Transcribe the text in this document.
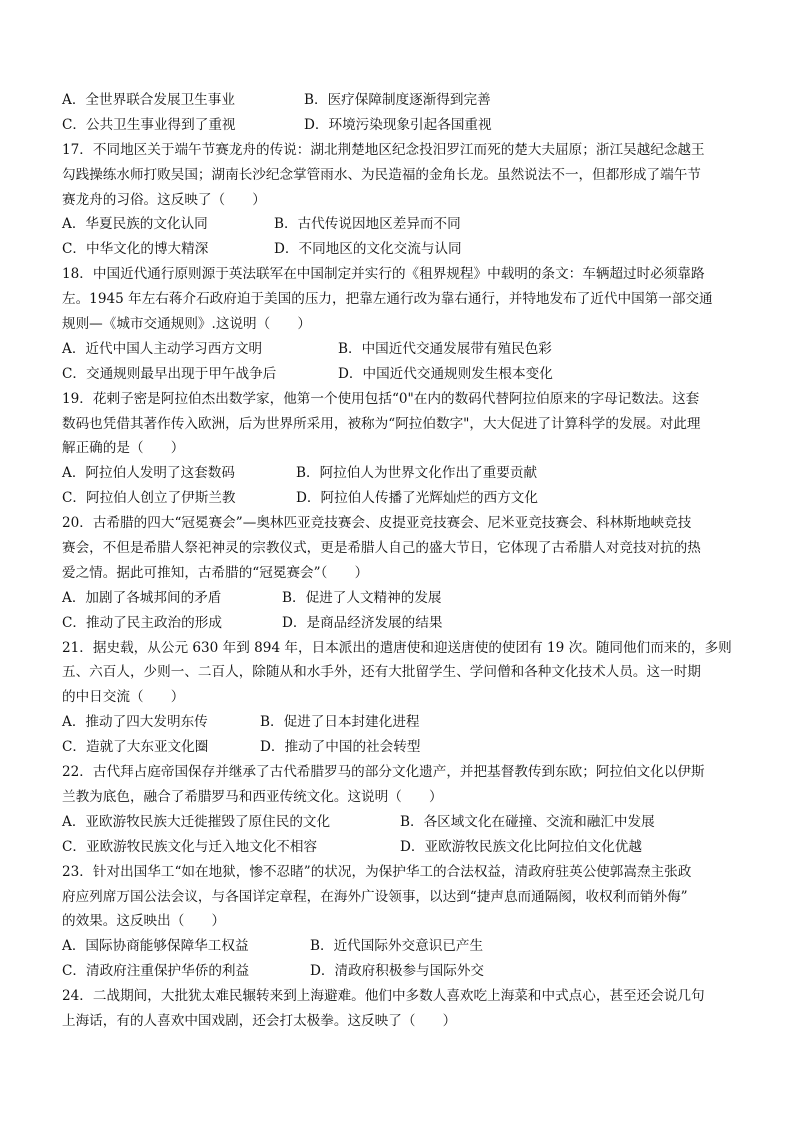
A．全世界联合发展卫生事业	B．医疗保障制度逐渐得到完善
C．公共卫生事业得到了重视	D．环境污染现象引起各国重视
17．不同地区关于端午节赛龙舟的传说：湖北荆楚地区纪念投汨罗江而死的楚大夫屈原；浙江吴越纪念越王
勾践操练水师打败吴国；湖南长沙纪念掌管雨水、为民造福的金角长龙。虽然说法不一，但都形成了端午节
赛龙舟的习俗。这反映了（　　）
A．华夏民族的文化认同	B．古代传说因地区差异而不同
C．中华文化的博大精深	D．不同地区的文化交流与认同
18．中国近代通行原则源于英法联军在中国制定并实行的《租界规程》中载明的条文：车辆超过时必须靠路
左。1945 年左右蒋介石政府迫于美国的压力，把靠左通行改为靠右通行，并特地发布了近代中国第一部交通
规则—《城市交通规则》.这说明（　　）
A．近代中国人主动学习西方文明	B．中国近代交通发展带有殖民色彩
C．交通规则最早出现于甲午战争后	D．中国近代交通规则发生根本变化
19．花剌子密是阿拉伯杰出数学家，他第一个使用包括“0"在内的数码代替阿拉伯原来的字母记数法。这套
数码也凭借其著作传入欧洲，后为世界所采用，被称为“阿拉伯数字"，大大促进了计算科学的发展。对此理
解正确的是（　　）
A．阿拉伯人发明了这套数码	B．阿拉伯人为世界文化作出了重要贡献
C．阿拉伯人创立了伊斯兰教	D．阿拉伯人传播了光辉灿烂的西方文化
20．古希腊的四大“冠冕赛会”—奥林匹亚竞技赛会、皮提亚竞技赛会、尼米亚竞技赛会、科林斯地峡竞技
赛会，不但是希腊人祭祀神灵的宗教仪式，更是希腊人自己的盛大节日，它体现了古希腊人对竞技对抗的热
爱之情。据此可推知，古希腊的“冠冕赛会”（　　）
A．加剧了各城邦间的矛盾	B．促进了人文精神的发展
C．推动了民主政治的形成	D．是商品经济发展的结果
21．据史载，从公元 630 年到 894 年，日本派出的遣唐使和迎送唐使的使团有 19 次。随同他们而来的，多则
五、六百人，少则一、二百人，除随从和水手外，还有大批留学生、学问僧和各种文化技术人员。这一时期
的中日交流（　　）
A．推动了四大发明东传	B．促进了日本封建化进程
C．造就了大东亚文化圈	D．推动了中国的社会转型
22．古代拜占庭帝国保存并继承了古代希腊罗马的部分文化遗产，并把基督教传到东欧；阿拉伯文化以伊斯
兰教为底色，融合了希腊罗马和西亚传统文化。这说明（　　）
A．亚欧游牧民族大迁徙摧毁了原住民的文化	B．各区域文化在碰撞、交流和融汇中发展
C．亚欧游牧民族文化与迁入地文化不相容	D．亚欧游牧民族文化比阿拉伯文化优越
23．针对出国华工“如在地狱，惨不忍睹”的状况，为保护华工的合法权益，清政府驻英公使郭嵩焘主张政
府应列席万国公法会议，与各国详定章程，在海外广设领事，以达到“捷声息而通隔阂，收权利而销外侮”
的效果。这反映出（　　）
A．国际协商能够保障华工权益	B．近代国际外交意识已产生
C．清政府注重保护华侨的利益	D．清政府积极参与国际外交
24．二战期间，大批犹太难民辗转来到上海避难。他们中多数人喜欢吃上海菜和中式点心，甚至还会说几句
上海话，有的人喜欢中国戏剧，还会打太极拳。这反映了（　　）
